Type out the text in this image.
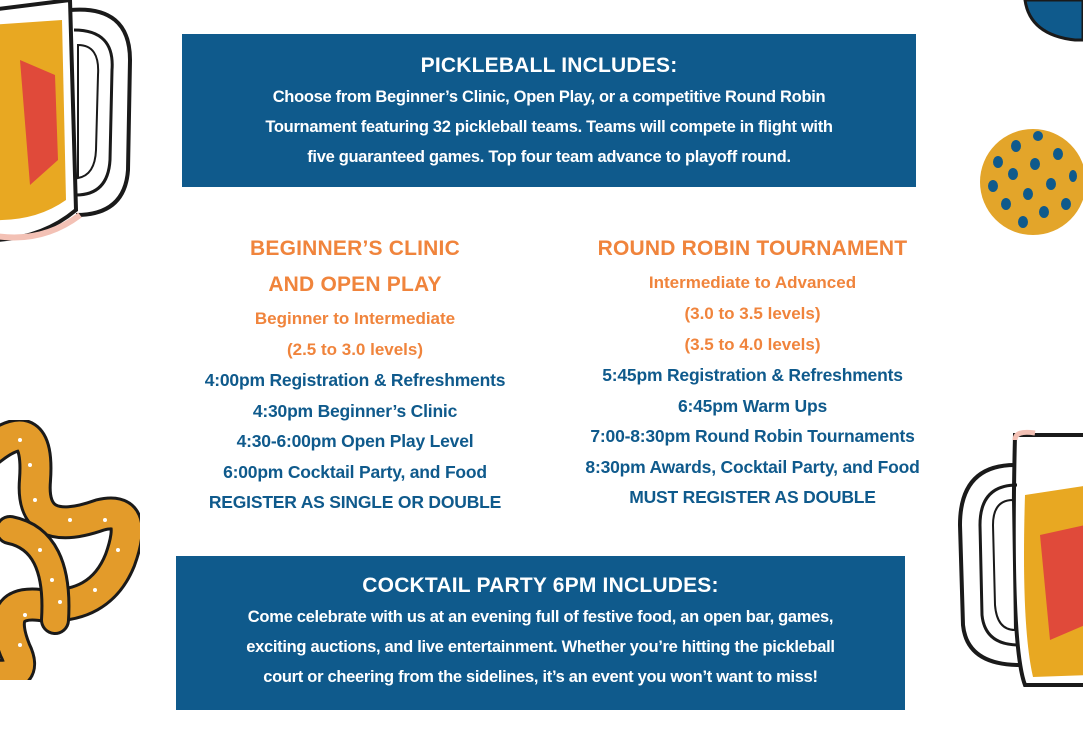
PICKLEBALL INCLUDES:

Choose from Beginner’s Clinic, Open Play, or a competitive Round Robin

Tournament featuring 32 pickleball teams. Teams will compete in flight with

five guaranteed games. Top four team advance to playoff round.

BEGINNER’S CLINIC
AND OPEN PLAY
Beginner to Intermediate
(2.5 to 3.0 levels)
4:00pm Registration & Refreshments
4:30pm Beginner’s Clinic
4:30-6:00pm Open Play Level
6:00pm Cocktail Party, and Food
REGISTER AS SINGLE OR DOUBLE
ROUND ROBIN TOURNAMENT
Intermediate to Advanced
(3.0 to 3.5 levels)
(3.5 to 4.0 levels)
5:45pm Registration & Refreshments
6:45pm Warm Ups
7:00-8:30pm Round Robin Tournaments
8:30pm Awards, Cocktail Party, and Food
MUST REGISTER AS DOUBLE
COCKTAIL PARTY 6PM INCLUDES:

Come celebrate with us at an evening full of festive food, an open bar, games,

exciting auctions, and live entertainment. Whether you’re hitting the pickleball

court or cheering from the sidelines, it’s an event you won’t want to miss!
